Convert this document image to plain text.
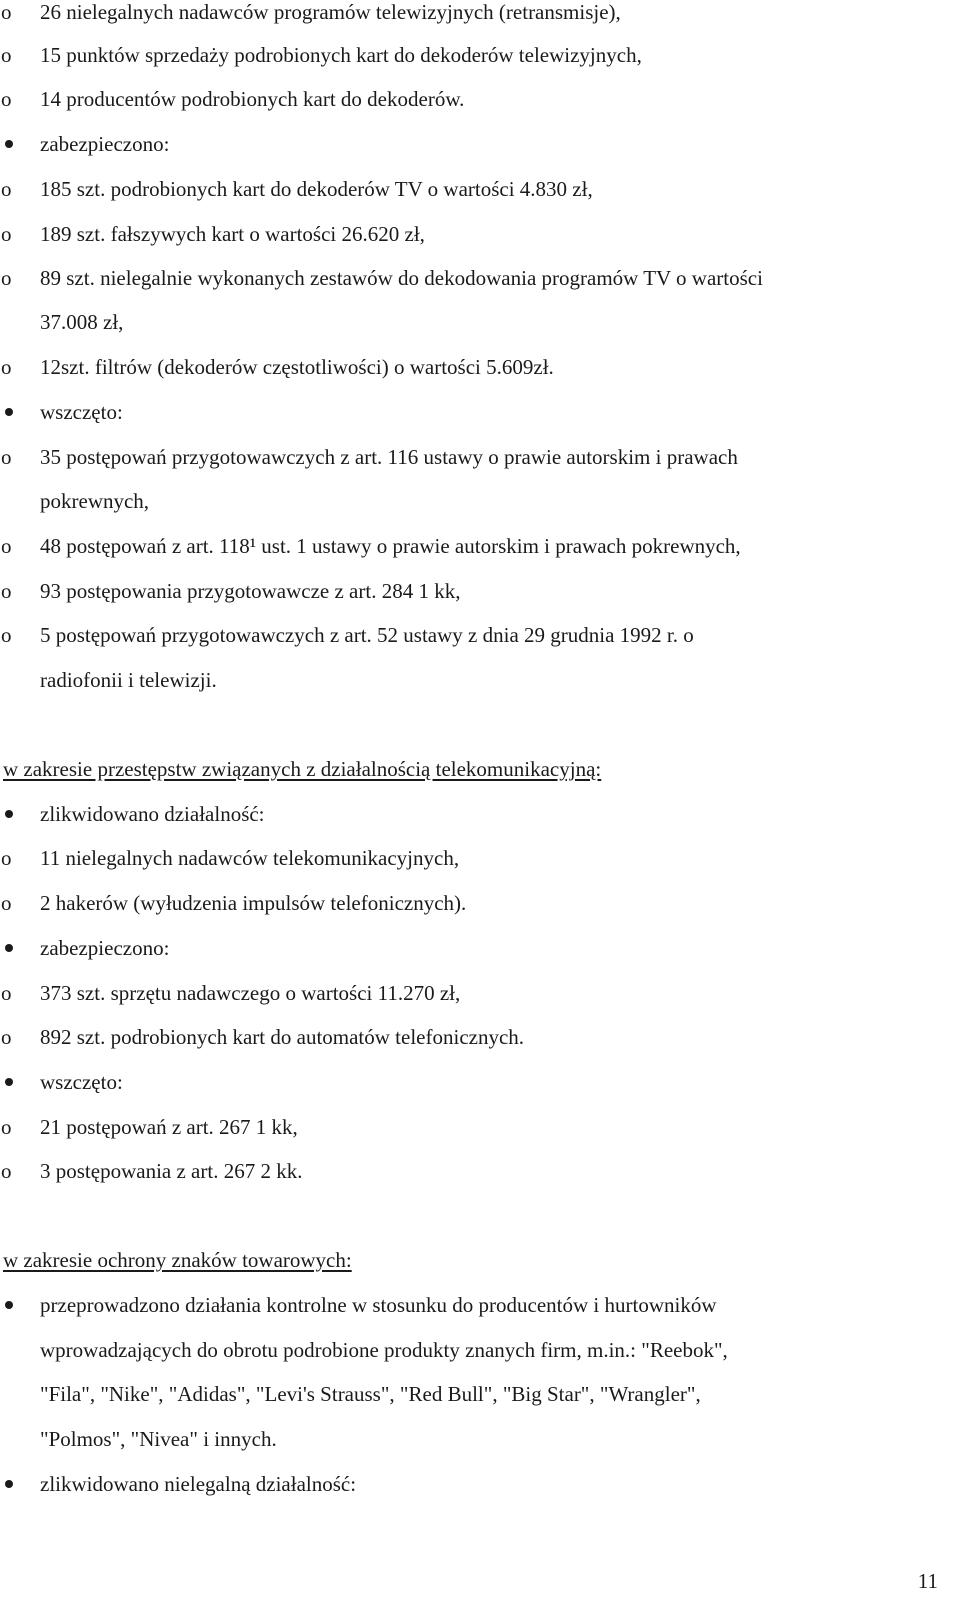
o	26 nielegalnych nadawców programów telewizyjnych (retransmisje),
o	15 punktów sprzedaży podrobionych kart do dekoderów telewizyjnych,
o	14 producentów podrobionych kart do dekoderów.
zabezpieczono:
o	185 szt. podrobionych kart do dekoderów TV o wartości 4.830 zł,
o	189 szt. fałszywych kart o wartości 26.620 zł,
o	89 szt. nielegalnie wykonanych zestawów do dekodowania programów TV o wartości
37.008 zł,
o	12szt. filtrów (dekoderów częstotliwości) o wartości 5.609zł.
wszczęto:
o	35 postępowań przygotowawczych z art. 116 ustawy o prawie autorskim i prawach
pokrewnych,
o	48 postępowań z art. 118¹ ust. 1 ustawy o prawie autorskim i prawach pokrewnych,
o	93 postępowania przygotowawcze z art. 284 1 kk,
o	5 postępowań przygotowawczych z art. 52 ustawy z dnia 29 grudnia 1992 r. o
radiofonii i telewizji.
w zakresie przestępstw związanych z działalnością telekomunikacyjną:
zlikwidowano działalność:
o	11 nielegalnych nadawców telekomunikacyjnych,
o	2 hakerów (wyłudzenia impulsów telefonicznych).
zabezpieczono:
o	373 szt. sprzętu nadawczego o wartości 11.270 zł,
o	892 szt. podrobionych kart do automatów telefonicznych.
wszczęto:
o	21 postępowań z art. 267 1 kk,
o	3 postępowania z art. 267 2 kk.
w zakresie ochrony znaków towarowych:
przeprowadzono działania kontrolne w stosunku do producentów i hurtowników
wprowadzających do obrotu podrobione produkty znanych firm, m.in.: "Reebok",
"Fila", "Nike", "Adidas", "Levi's Strauss", "Red Bull", "Big Star", "Wrangler",
"Polmos", "Nivea" i innych.
zlikwidowano nielegalną działalność:
11
